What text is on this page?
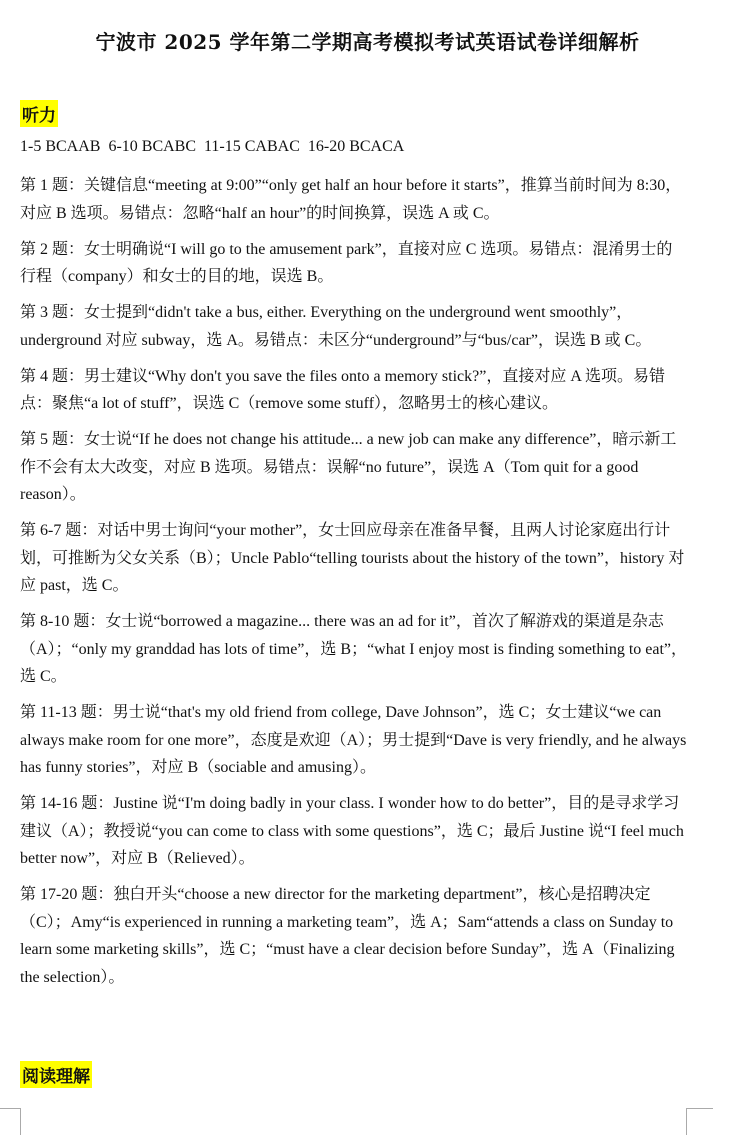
宁波市 2025 学年第二学期高考模拟考试英语试卷详细解析
听力
1-5 BCAAB  6-10 BCABC  11-15 CABAC  16-20 BCACA

第 1 题：关键信息“meeting at 9:00”“only get half an hour before it starts”，推算当前时间为 8:30，对应 B 选项。易错点：忽略“half an hour”的时间换算，误选 A 或 C。

第 2 题：女士明确说“I will go to the amusement park”，直接对应 C 选项。易错点：混淆男士的行程（company）和女士的目的地，误选 B。

第 3 题：女士提到“didn't take a bus, either. Everything on the underground went smoothly”，underground 对应 subway，选 A。易错点：未区分“underground”与“bus/car”，误选 B 或 C。

第 4 题：男士建议“Why don't you save the files onto a memory stick?”，直接对应 A 选项。易错点：聚焦“a lot of stuff”，误选 C（remove some stuff），忽略男士的核心建议。

第 5 题：女士说“If he does not change his attitude... a new job can make any difference”，暗示新工作不会有太大改变，对应 B 选项。易错点：误解“no future”，误选 A（Tom quit for a good reason）。

第 6-7 题：对话中男士询问“your mother”，女士回应母亲在准备早餐，且两人讨论家庭出行计划，可推断为父女关系（B）；Uncle Pablo“telling tourists about the history of the town”，history 对应 past，选 C。

第 8-10 题：女士说“borrowed a magazine... there was an ad for it”，首次了解游戏的渠道是杂志（A）；“only my granddad has lots of time”，选 B；“what I enjoy most is finding something to eat”，选 C。

第 11-13 题：男士说“that's my old friend from college, Dave Johnson”，选 C；女士建议“we can always make room for one more”，态度是欢迎（A）；男士提到“Dave is very friendly, and he always has funny stories”，对应 B（sociable and amusing）。

第 14-16 题：Justine 说“I'm doing badly in your class. I wonder how to do better”，目的是寻求学习建议（A）；教授说“you can come to class with some questions”，选 C；最后 Justine 说“I feel much better now”，对应 B（Relieved）。

第 17-20 题：独白开头“choose a new director for the marketing department”，核心是招聘决定（C）；Amy“is experienced in running a marketing team”，选 A；Sam“attends a class on Sunday to learn some marketing skills”，选 C；“must have a clear decision before Sunday”，选 A（Finalizing the selection）。

阅读理解
